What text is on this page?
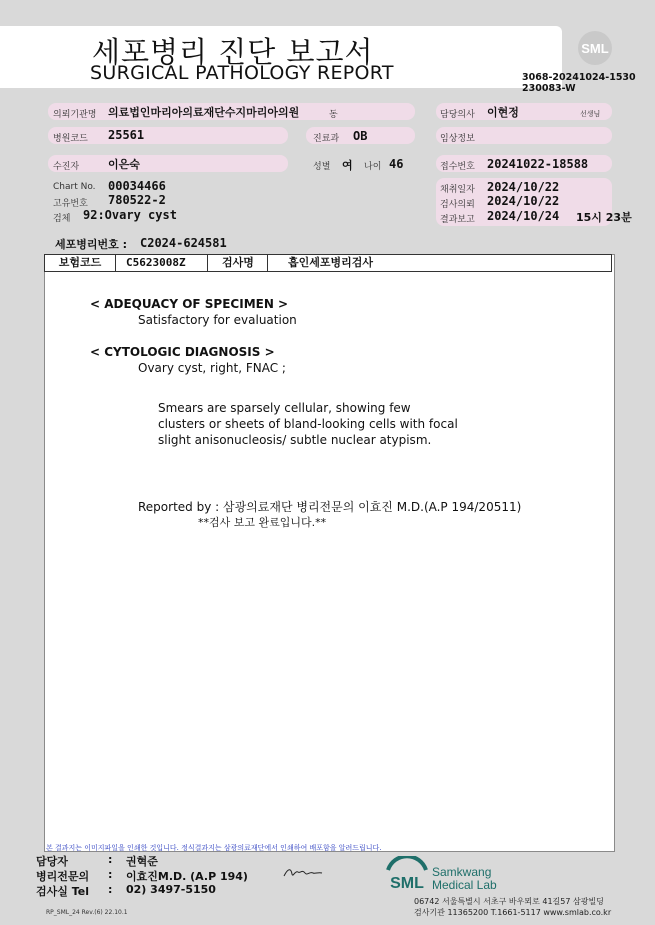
세포병리 진단 보고서
SURGICAL PATHOLOGY REPORT
SML
3068-20241024-1530
230083-W
의뢰기관명 의료법인마리아의료재단수지마리아의원	동	담당의사 이현정	선생님
병원코드 25561	진료과 OB	임상정보
수진자	이은숙	성별 여 나이 46	접수번호 20241022-18588
Chart No. 00034466
고유번호 780522-2
검체 92:Ovary cyst
채취일자 2024/10/22
검사의뢰 2024/10/22
결과보고 2024/10/24 15시 23분
세포병리번호 : C2024-624581
보험코드	C5623008Z	검사명	흡인세포병리검사
< ADEQUACY OF SPECIMEN >
Satisfactory for evaluation
< CYTOLOGIC DIAGNOSIS >
Ovary cyst, right, FNAC ;
Smears are sparsely cellular, showing few
clusters or sheets of bland-looking cells with focal
slight anisonucleosis/ subtle nuclear atypism.
Reported by : 삼광의료재단 병리전문의 이효진 M.D.(A.P 194/20511)
**검사 보고 완료입니다.**
본 결과지는 이미지파일을 인쇄한 것입니다. 정식결과지는 삼광의료재단에서 인쇄하여 배포함을 알려드립니다.
담당자	: 권혁준
병리전문의 : 이효진M.D. (A.P 194)
검사실 Tel : 02) 3497-5150
RP_SML_24 Rev.(6) 22.10.1
SML
Samkwang
Medical Lab
06742 서울특별시 서초구 바우뫼로 41길57 삼광빌딩
검사기관 11365200 T.1661-5117 www.smlab.co.kr
